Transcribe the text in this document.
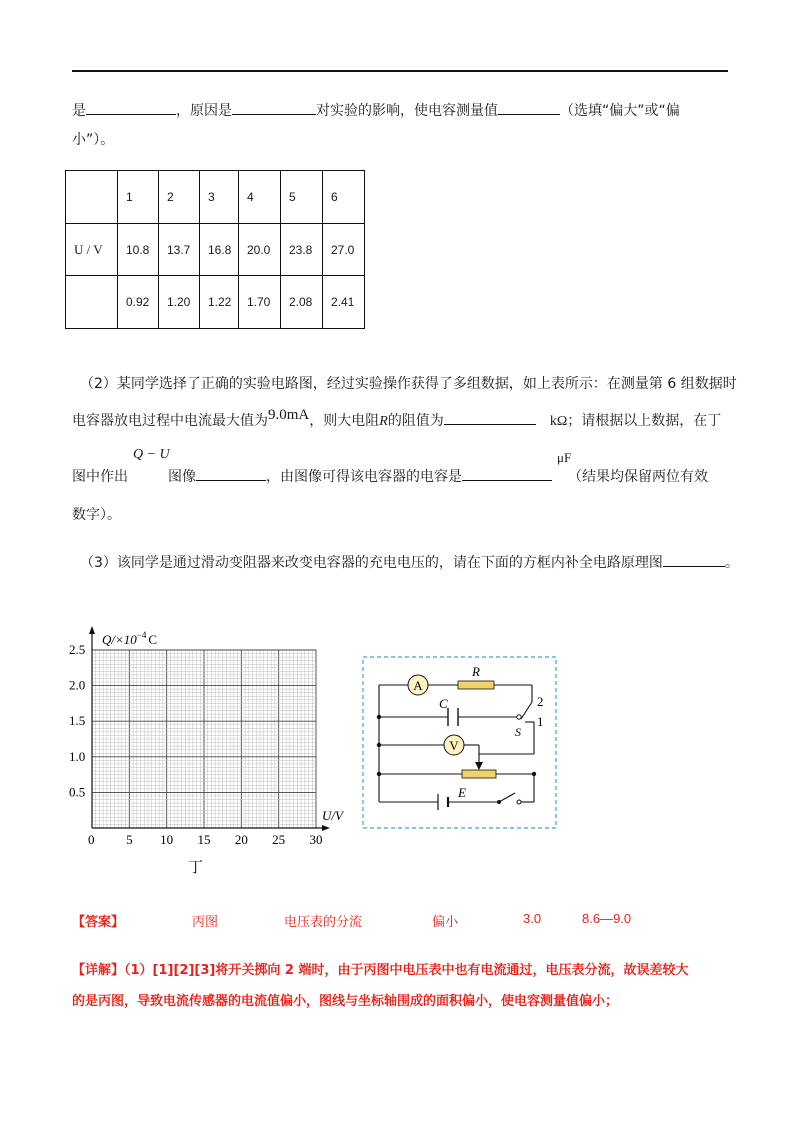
是	，原因是	对实验的影响，使电容测量值	（选填“偏大”或“偏
小”）。
	1	2	3	4	5	6
U / V	10.8	13.7	16.8	20.0	23.8	27.0
	0.92	1.20	1.22	1.70	2.08	2.41
（2）某同学选择了正确的实验电路图，经过实验操作获得了多组数据，如上表所示：在测量第 6 组数据时
电容器放电过程中电流最大值为9.0mA，则大电阻R的阻值为	kΩ；请根据以上数据，在丁
Q − U	μF
图中作出	图像	，由图像可得该电容器的电容是	（结果均保留两位有效
数字）。
（3）该同学是通过滑动变阻器来改变电容器的充电电压的，请在下面的方框内补全电路原理图	。
$Q/\times 10^{-4}$ C
U/V
0
2.5
2.0
1.5
1.0
0.5
5 10 15 20 25 30
丁
A
V
R
C
S
E
2
1
【答案】	丙图	电压表的分流	偏小	3.0	8.6—9.0
【详解】（1）[1][2][3]将开关掷向 2 端时，由于丙图中电压表中也有电流通过，电压表分流，故误差较大
的是丙图，导致电流传感器的电流值偏小，图线与坐标轴围成的面积偏小，使电容测量值偏小；
